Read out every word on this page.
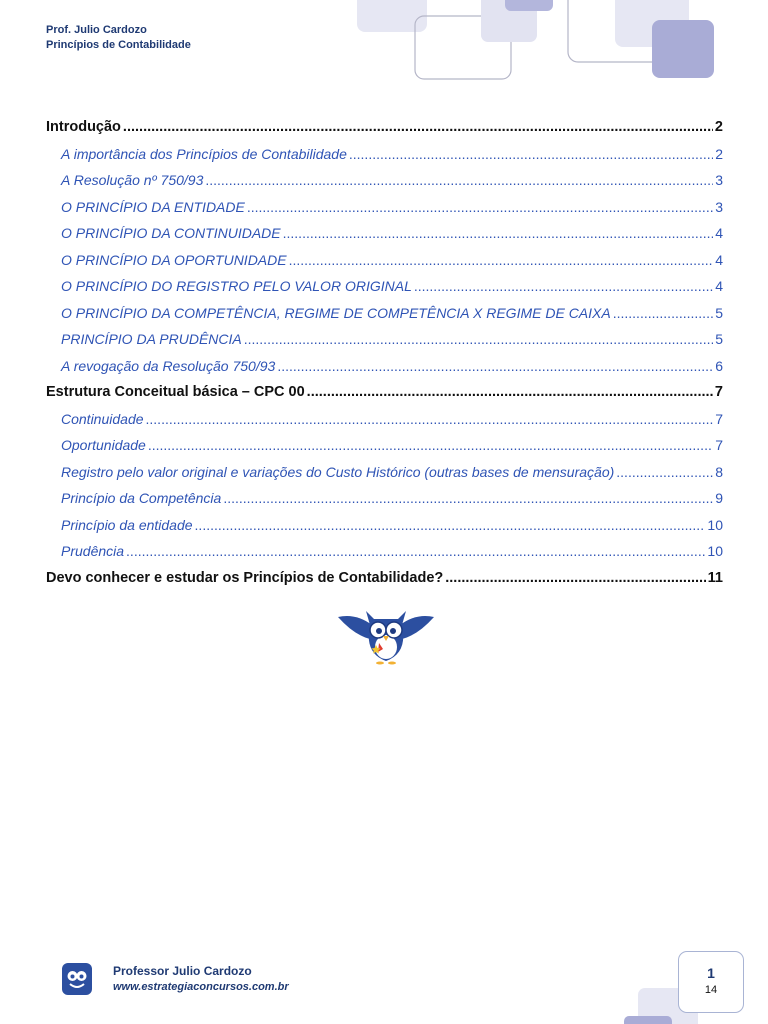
Prof. Julio Cardozo
Princípios de Contabilidade
Introdução .....	2
A importância dos Princípios de Contabilidade .....	2
A Resolução nº 750/93 .....	3
O PRINCÍPIO DA ENTIDADE .....	3
O PRINCÍPIO DA CONTINUIDADE .....	4
O PRINCÍPIO DA OPORTUNIDADE .....	4
O PRINCÍPIO DO REGISTRO PELO VALOR ORIGINAL .....	4
O PRINCÍPIO DA COMPETÊNCIA, REGIME DE COMPETÊNCIA X REGIME DE CAIXA .....	5
PRINCÍPIO DA PRUDÊNCIA .....	5
A revogação da Resolução 750/93 .....	6
Estrutura Conceitual básica – CPC 00 .....	7
Continuidade .....	7
Oportunidade .....	7
Registro pelo valor original e variações do Custo Histórico (outras bases de mensuração) .....	8
Princípio da Competência .....	9
Princípio da entidade .....	10
Prudência .....	10
Devo conhecer e estudar os Princípios de Contabilidade? .....	11
Professor Julio Cardozo
www.estrategiaconcursos.com.br
1
14
